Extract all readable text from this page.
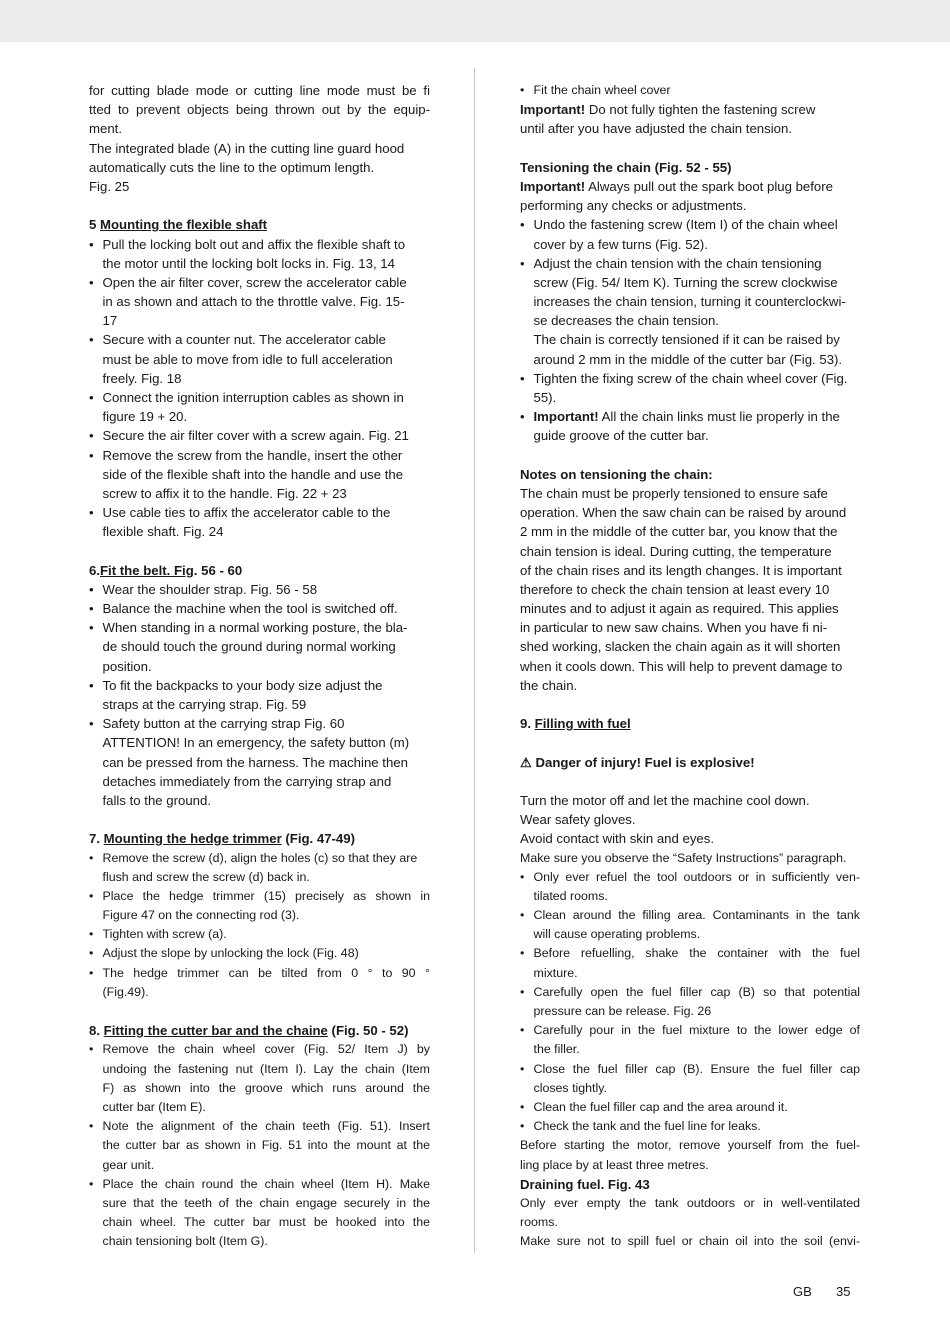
for cutting blade mode or cutting line mode must be fi
tted to prevent objects being thrown out by the equip-
ment.
The integrated blade (A) in the cutting line guard hood
automatically cuts the line to the optimum length.
Fig. 25
5 Mounting the flexible shaft
• Pull the locking bolt out and affix the flexible shaft to
the motor until the locking bolt locks in. Fig. 13, 14
• Open the air filter cover, screw the accelerator cable
in as shown and attach to the throttle valve. Fig. 15-
17
• Secure with a counter nut. The accelerator cable
must be able to move from idle to full acceleration
freely. Fig. 18
• Connect the ignition interruption cables as shown in
figure 19 + 20.
• Secure the air filter cover with a screw again. Fig. 21
• Remove the screw from the handle, insert the other
side of the flexible shaft into the handle and use the
screw to affix it to the handle. Fig. 22 + 23
• Use cable ties to affix the accelerator cable to the
flexible shaft. Fig. 24
6.Fit the belt. Fig. 56 - 60
• Wear the shoulder strap. Fig. 56 - 58
• Balance the machine when the tool is switched off.
• When standing in a normal working posture, the bla-
de should touch the ground during normal working
position.
• To fit the backpacks to your body size adjust the
straps at the carrying strap. Fig. 59
• Safety button at the carrying strap Fig. 60
ATTENTION! In an emergency, the safety button (m)
can be pressed from the harness. The machine then
detaches immediately from the carrying strap and
falls to the ground.
7. Mounting the hedge trimmer (Fig. 47-49)
• Remove the screw (d), align the holes (c) so that they are
flush and screw the screw (d) back in.
• Place the hedge trimmer (15) precisely as shown in
Figure 47 on the connecting rod (3).
• Tighten with screw (a).
• Adjust the slope by unlocking the lock (Fig. 48)
• The hedge trimmer can be tilted from 0 ° to 90 °
(Fig.49).
8. Fitting the cutter bar and the chaine (Fig. 50 - 52)
• Remove the chain wheel cover (Fig. 52/ Item J) by
undoing the fastening nut (Item I). Lay the chain (Item
F) as shown into the groove which runs around the
cutter bar (Item E).
• Note the alignment of the chain teeth (Fig. 51). Insert
the cutter bar as shown in Fig. 51 into the mount at the
gear unit.
• Place the chain round the chain wheel (Item H). Make
sure that the teeth of the chain engage securely in the
chain wheel. The cutter bar must be hooked into the
chain tensioning bolt (Item G).
• Fit the chain wheel cover
Important! Do not fully tighten the fastening screw
until after you have adjusted the chain tension.
Tensioning the chain (Fig. 52 - 55)
Important! Always pull out the spark boot plug before
performing any checks or adjustments.
• Undo the fastening screw (Item I) of the chain wheel
cover by a few turns (Fig. 52).
• Adjust the chain tension with the chain tensioning
screw (Fig. 54/ Item K). Turning the screw clockwise
increases the chain tension, turning it counterclockwi-
se decreases the chain tension.
The chain is correctly tensioned if it can be raised by
around 2 mm in the middle of the cutter bar (Fig. 53).
• Tighten the fixing screw of the chain wheel cover (Fig.
55).
• Important! All the chain links must lie properly in the
guide groove of the cutter bar.
Notes on tensioning the chain:
The chain must be properly tensioned to ensure safe
operation. When the saw chain can be raised by around
2 mm in the middle of the cutter bar, you know that the
chain tension is ideal. During cutting, the temperature
of the chain rises and its length changes. It is important
therefore to check the chain tension at least every 10
minutes and to adjust it again as required. This applies
in particular to new saw chains. When you have fi ni-
shed working, slacken the chain again as it will shorten
when it cools down. This will help to prevent damage to
the chain.
9. Filling with fuel
⚠ Danger of injury! Fuel is explosive!
Turn the motor off and let the machine cool down.
Wear safety gloves.
Avoid contact with skin and eyes.
Make sure you observe the “Safety Instructions” paragraph.
• Only ever refuel the tool outdoors or in sufficiently ven-
tilated rooms.
• Clean around the filling area. Contaminants in the tank
will cause operating problems.
• Before refuelling, shake the container with the fuel
mixture.
• Carefully open the fuel filler cap (B) so that potential
pressure can be release. Fig. 26
• Carefully pour in the fuel mixture to the lower edge of
the filler.
• Close the fuel filler cap (B). Ensure the fuel filler cap
closes tightly.
• Clean the fuel filler cap and the area around it.
• Check the tank and the fuel line for leaks.
Before starting the motor, remove yourself from the fuel-
ling place by at least three metres.
Draining fuel. Fig. 43
Only ever empty the tank outdoors or in well-ventilated
rooms.
Make sure not to spill fuel or chain oil into the soil (envi-
GB 35
